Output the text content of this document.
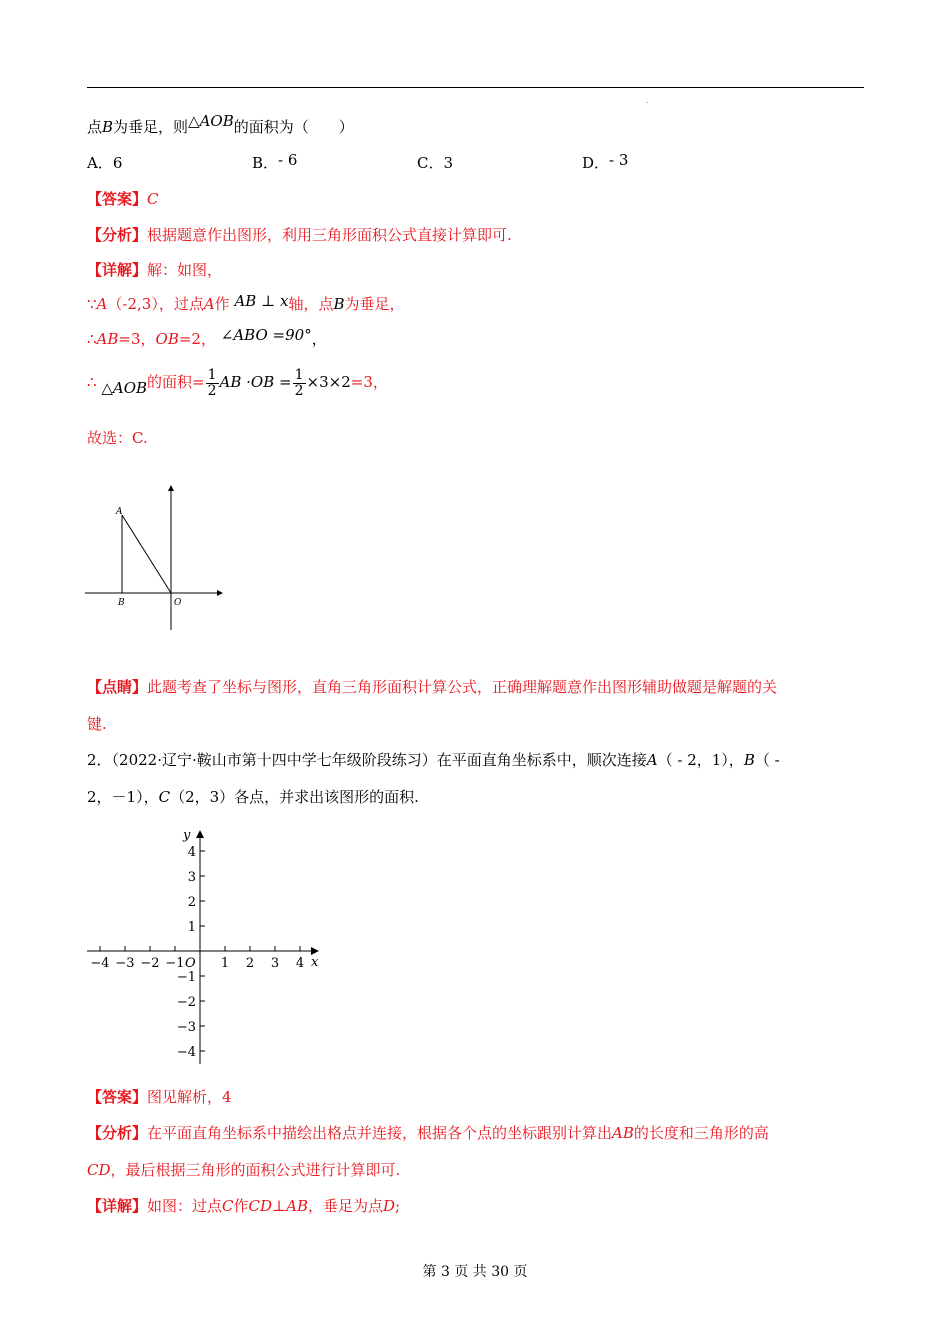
.
点B为垂足，则△AOB的面积为（　　）
A．6	B．- 6	C．3	D．- 3
【答案】C
【分析】根据题意作出图形，利用三角形面积公式直接计算即可.
【详解】解：如图，
∵A（-2,3），过点A作 AB ⊥ x轴，点B为垂足，
∴AB=3，OB=2， ∠ABO =90°，
∴ △AOB的面积= $\frac{1}{2}$ AB $\cdot OB = \frac{1}{2} \times 3\times 2=3$，
故选：C.
A
B	O
【点睛】此题考查了坐标与图形，直角三角形面积计算公式，正确理解题意作出图形辅助做题是解题的关
键.
2．（2022·辽宁·鞍山市第十四中学七年级阶段练习）在平面直角坐标系中，顺次连接A（ - 2，1），B（ -
2，－1），C（2，3）各点，并求出该图形的面积.
−4 −3 −2 −1	1 2 3 4
4
3
2
1
−1
−2
−3
−4
x
y
O
【答案】图见解析，4
【分析】在平面直角坐标系中描绘出格点并连接，根据各个点的坐标跟别计算出AB的长度和三角形的高
CD，最后根据三角形的面积公式进行计算即可.
【详解】如图：过点C作CD⊥AB，垂足为点D;
第 3 页 共 30 页
